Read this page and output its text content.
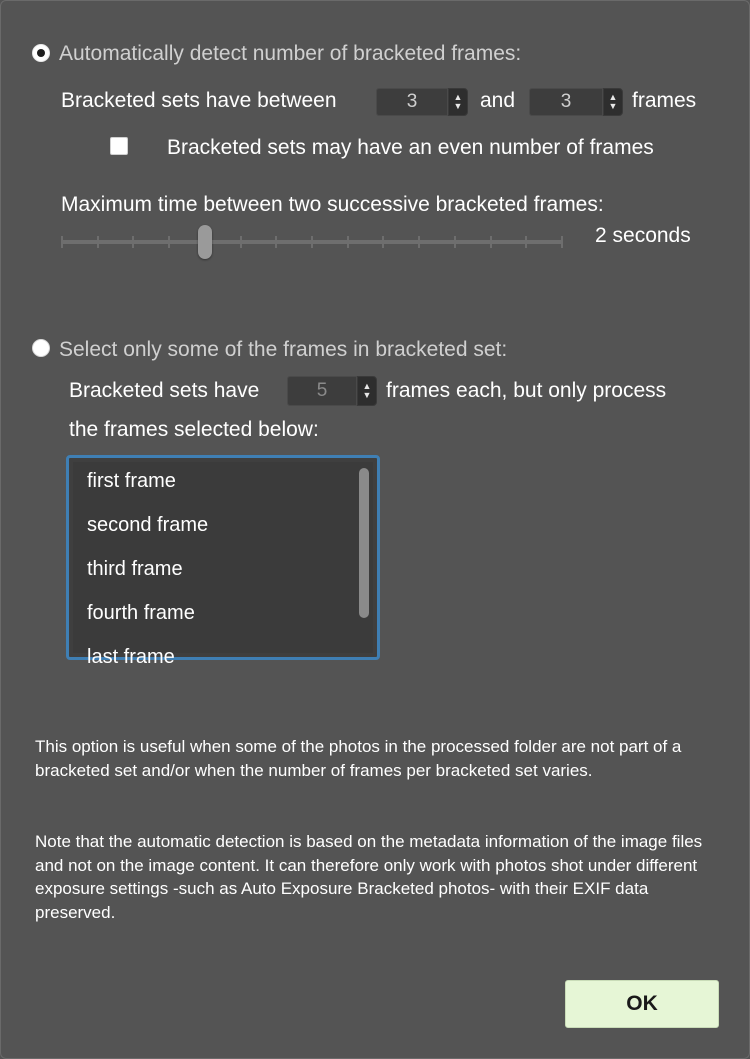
Automatically detect number of bracketed frames:
Bracketed sets have between	3	▲
▼ and	3	▲
▼ frames
Bracketed sets may have an even number of frames
Maximum time between two successive bracketed frames:
2 seconds
Select only some of the frames in bracketed set:
Bracketed sets have	5	▲
▼ frames each, but only process
the frames selected below:
first frame
second frame
third frame
fourth frame
last frame
This option is useful when some of the photos in the processed folder are not part of a bracketed set and/or when the number of frames per bracketed set varies.
Note that the automatic detection is based on the metadata information of the image files and not on the image content. It can therefore only work with photos shot under different exposure settings -such as Auto Exposure Bracketed photos- with their EXIF data preserved.
OK
